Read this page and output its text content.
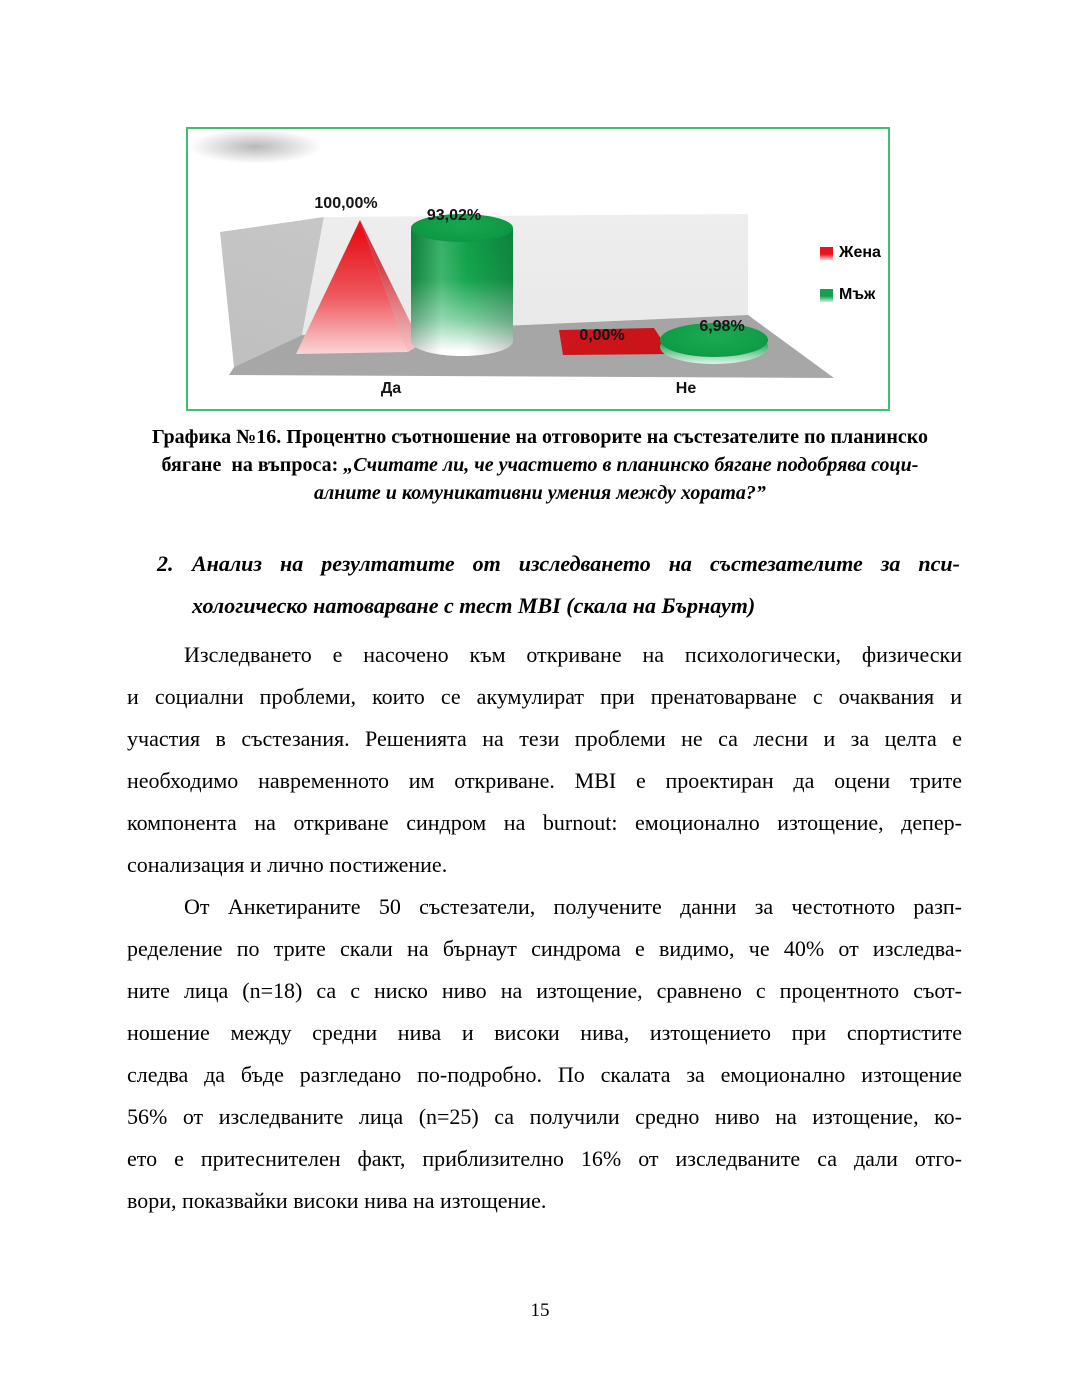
100,00%
93,02%
0,00%
6,98%
Да	Не
Жена
Мъж
Графика №16. Процентно съотношение на отговорите на състезателите по планинско
бягане  на въпроса: „Считате ли, че участието в планинско бягане подобрява соци-
алните и комуникативни умения между хората?”
2. Анализ на резултатите от изследването на състезателите за пси-
хологическо натоварване с тест MBI (скала на Бърнаут)
Изследването е насочено към откриване на психологически, физически
и социални проблеми, които се акумулират при пренатоварване с очаквания и
участия в състезания. Решенията на тези проблеми не са лесни и за целта е
необходимо навременното им откриване. MBI е проектиран да оцени трите
компонента на откриване синдром на burnout: емоционално изтощение, депер-
сонализация и лично постижение.
От Анкетираните 50 състезатели, получените данни за честотното разп-
ределение по трите скали на бърнаут синдрома е видимо, че 40% от изследва-
ните лица (n=18) са с ниско ниво на изтощение, сравнено с процентното съот-
ношение между средни нива и високи нива, изтощението при спортистите
следва да бъде разгледано по-подробно. По скалата за емоционално изтощение
56% от изследваните лица (n=25) са получили средно ниво на изтощение, ко-
ето е притеснителен факт, приблизително 16% от изследваните са дали отго-
вори, показвайки високи нива на изтощение.
15
